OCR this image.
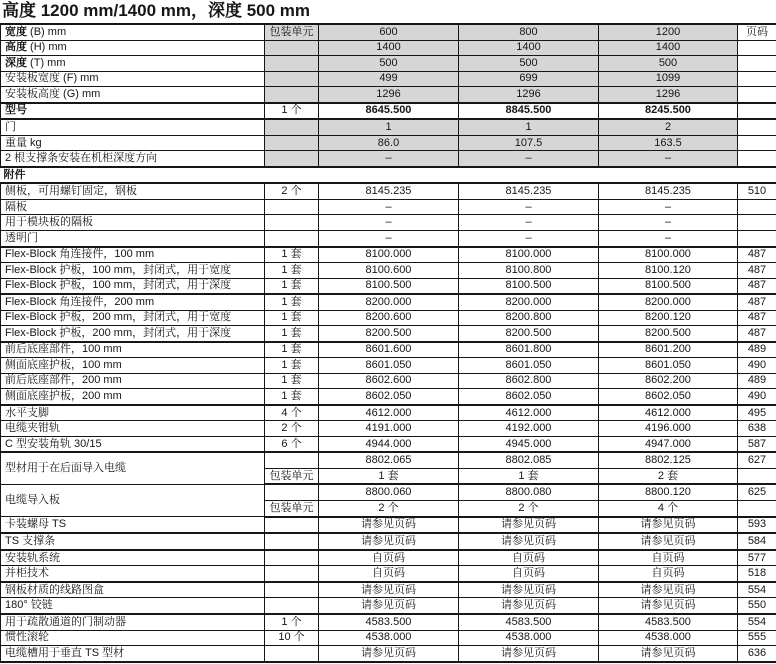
高度 1200 mm/1400 mm，深度 500 mm
宽度 (B) mm	包装单元	600	800	1200	页码
高度 (H) mm		1400	1400	1400	
深度 (T) mm		500	500	500	
安装板宽度 (F) mm		499	699	1099	
安装板高度 (G) mm		1296	1296	1296	
型号	1 个	8645.500	8845.500	8245.500	
门		1	1	2	
重量 kg		86.0	107.5	163.5	
2 根支撑条安装在机柜深度方向		–	–	–	
附件					
侧板，可用螺钉固定，钢板	2 个	8145.235	8145.235	8145.235	510
隔板		–	–	–	
用于模块板的隔板		–	–	–	
透明门		–	–	–	
Flex-Block 角连接件，100 mm	1 套	8100.000	8100.000	8100.000	487
Flex-Block 护板，100 mm，封闭式，用于宽度	1 套	8100.600	8100.800	8100.120	487
Flex-Block 护板，100 mm，封闭式，用于深度	1 套	8100.500	8100.500	8100.500	487
Flex-Block 角连接件，200 mm	1 套	8200.000	8200.000	8200.000	487
Flex-Block 护板，200 mm，封闭式，用于宽度	1 套	8200.600	8200.800	8200.120	487
Flex-Block 护板，200 mm，封闭式，用于深度	1 套	8200.500	8200.500	8200.500	487
前后底座部件，100 mm	1 套	8601.600	8601.800	8601.200	489
侧面底座护板，100 mm	1 套	8601.050	8601.050	8601.050	490
前后底座部件，200 mm	1 套	8602.600	8602.800	8602.200	489
侧面底座护板，200 mm	1 套	8602.050	8602.050	8602.050	490
水平支脚	4 个	4612.000	4612.000	4612.000	495
电缆夹钳轨	2 个	4191.000	4192.000	4196.000	638
C 型安装角轨 30/15	6 个	4944.000	4945.000	4947.000	587
型材用于在后面导入电缆		8802.065	8802.085	8802.125	627
	包装单元	1 套	1 套	2 套	
电缆导入板		8800.060	8800.080	8800.120	625
	包装单元	2 个	2 个	4 个	
卡装螺母 TS		请参见页码	请参见页码	请参见页码	593
TS 支撑条		请参见页码	请参见页码	请参见页码	584
安装轨系统		自页码	自页码	自页码	577
并柜技术		自页码	自页码	自页码	518
钢板材质的线路图盒		请参见页码	请参见页码	请参见页码	554
180° 铰链		请参见页码	请参见页码	请参见页码	550
用于疏散通道的门制动器	1 个	4583.500	4583.500	4583.500	554
惯性滚轮	10 个	4538.000	4538.000	4538.000	555
电缆槽用于垂直 TS 型材		请参见页码	请参见页码	请参见页码	636
